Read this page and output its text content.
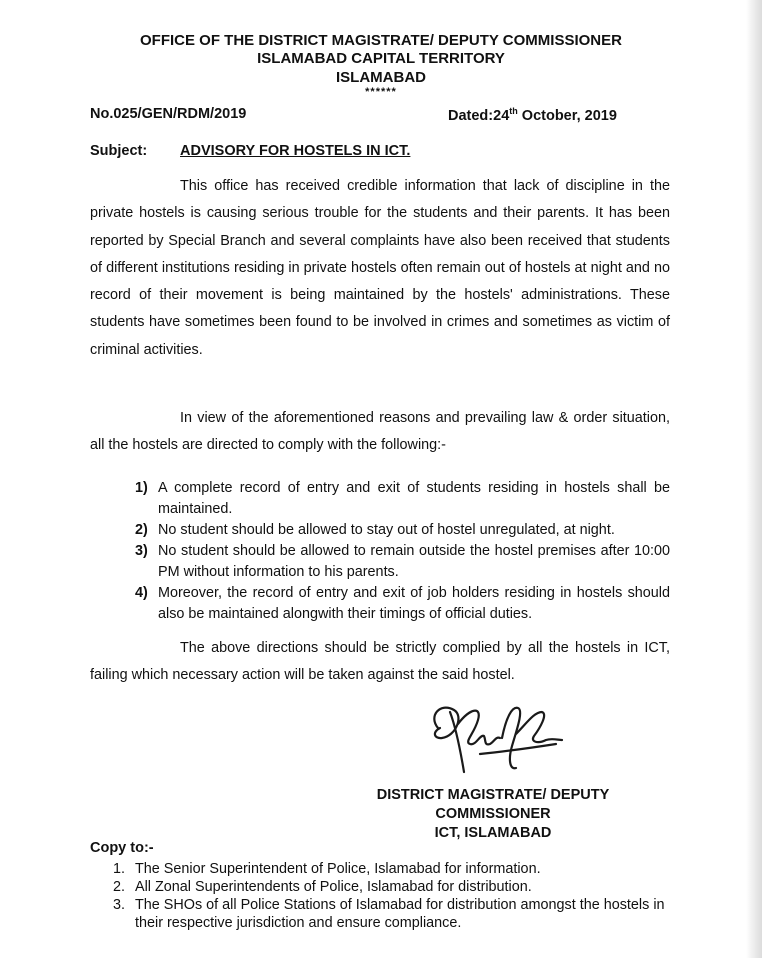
OFFICE OF THE DISTRICT MAGISTRATE/ DEPUTY COMMISSIONER
ISLAMABAD CAPITAL TERRITORY
ISLAMABAD
******
No.025/GEN/RDM/2019	Dated:24th October, 2019
Subject: ADVISORY FOR HOSTELS IN ICT.
This office has received credible information that lack of discipline in the private hostels is causing serious trouble for the students and their parents. It has been reported by Special Branch and several complaints have also been received that students of different institutions residing in private hostels often remain out of hostels at night and no record of their movement is being maintained by the hostels' administrations. These students have sometimes been found to be involved in crimes and sometimes as victim of criminal activities.
In view of the aforementioned reasons and prevailing law & order situation, all the hostels are directed to comply with the following:-
1) A complete record of entry and exit of students residing in hostels shall be maintained.
2) No student should be allowed to stay out of hostel unregulated, at night.
3) No student should be allowed to remain outside the hostel premises after 10:00 PM without information to his parents.
4) Moreover, the record of entry and exit of job holders residing in hostels should also be maintained alongwith their timings of official duties.
The above directions should be strictly complied by all the hostels in ICT, failing which necessary action will be taken against the said hostel.
DISTRICT MAGISTRATE/ DEPUTY
COMMISSIONER
ICT, ISLAMABAD
Copy to:-
1. The Senior Superintendent of Police, Islamabad for information.
2. All Zonal Superintendents of Police, Islamabad for distribution.
3. The SHOs of all Police Stations of Islamabad for distribution amongst the hostels in their respective jurisdiction and ensure compliance.
